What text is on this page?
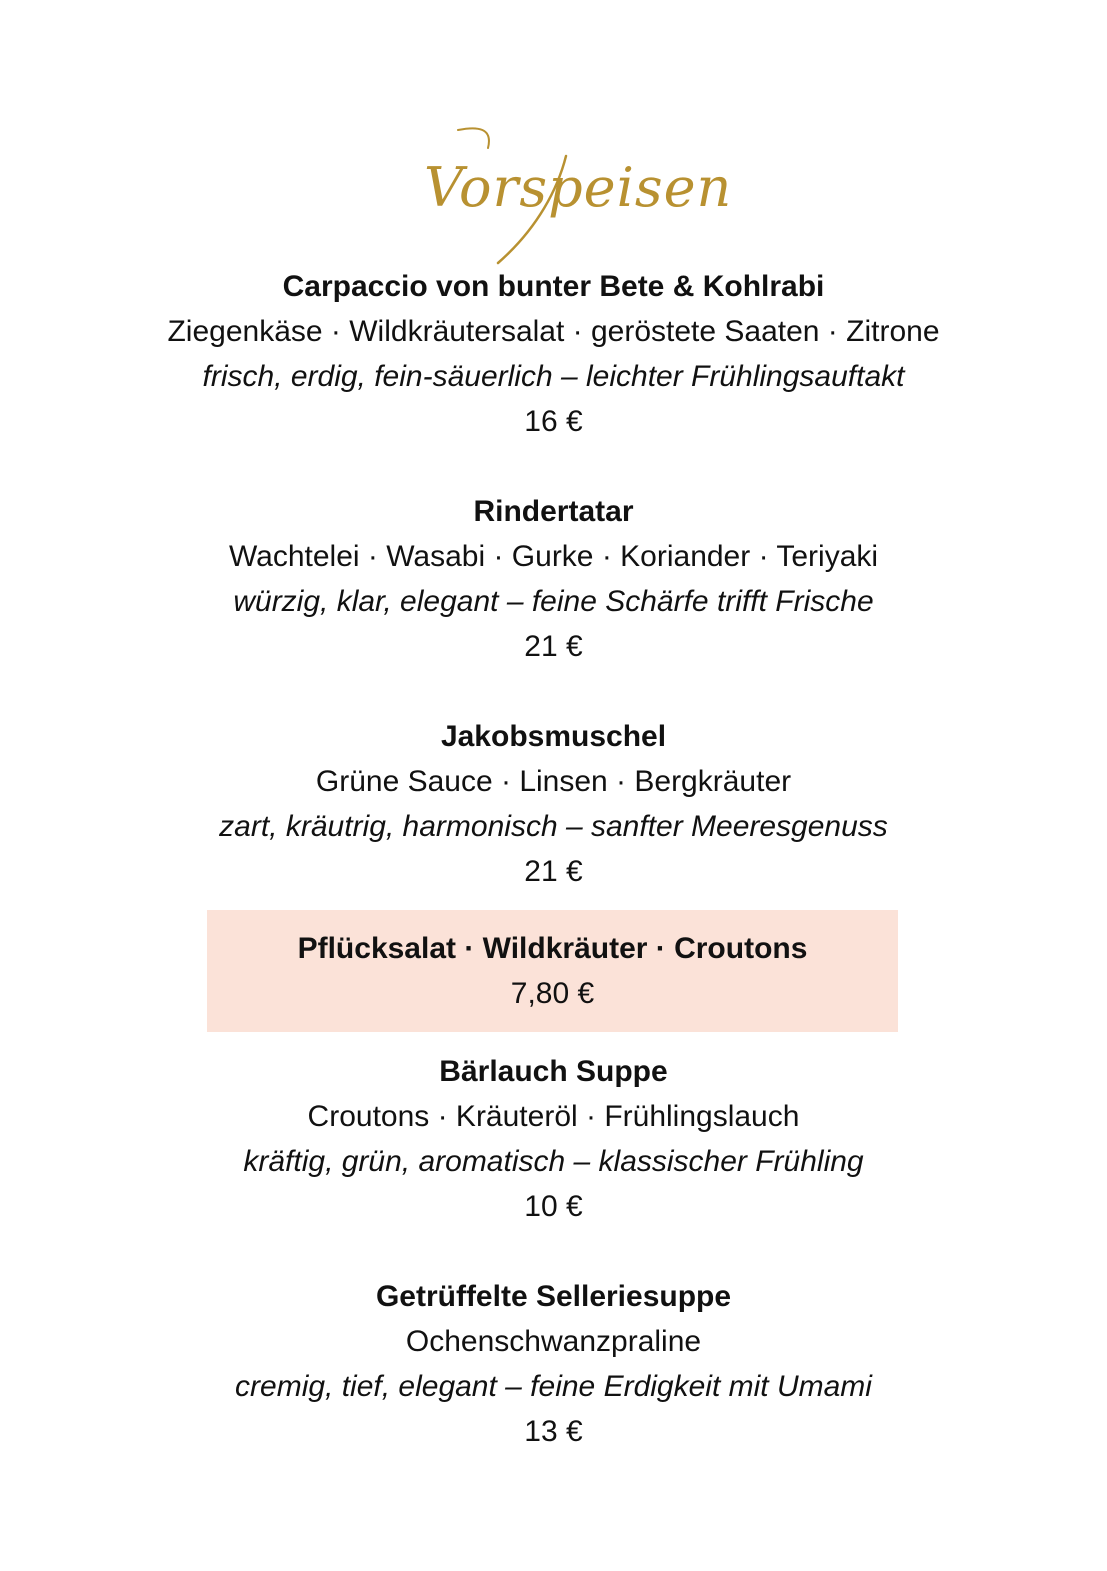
Vorspeisen
Carpaccio von bunter Bete & Kohlrabi
Ziegenkäse · Wildkräutersalat · geröstete Saaten · Zitrone
frisch, erdig, fein-säuerlich – leichter Frühlingsauftakt
16 €
Rindertatar
Wachtelei · Wasabi · Gurke · Koriander · Teriyaki
würzig, klar, elegant – feine Schärfe trifft Frische
21 €
Jakobsmuschel
Grüne Sauce · Linsen · Bergkräuter
zart, kräutrig, harmonisch – sanfter Meeresgenuss
21 €
Pflücksalat · Wildkräuter · Croutons
7,80 €
Bärlauch Suppe
Croutons · Kräuteröl · Frühlingslauch
kräftig, grün, aromatisch – klassischer Frühling
10 €
Getrüffelte Selleriesuppe
Ochenschwanzpraline
cremig, tief, elegant – feine Erdigkeit mit Umami
13 €
